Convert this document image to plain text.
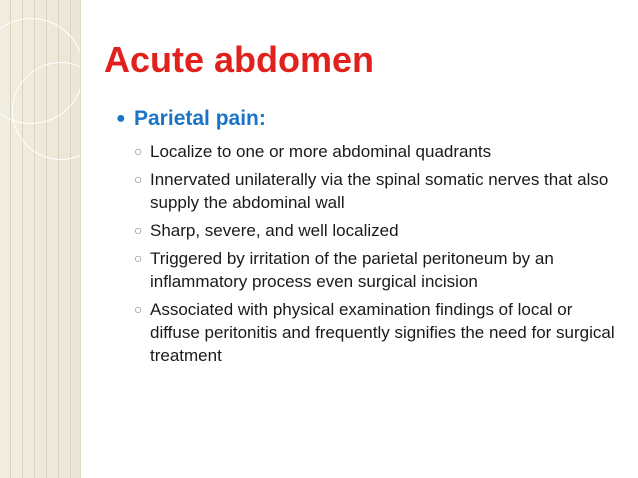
Acute abdomen
● Parietal pain:
○ Localize to one or more abdominal quadrants
○ Innervated unilaterally via the spinal somatic nerves that also supply the abdominal wall
○ Sharp, severe, and well localized
○ Triggered by irritation of the parietal peritoneum by an inflammatory process even surgical incision
○ Associated with physical examination findings of local or diffuse peritonitis and frequently signifies the need for surgical treatment
